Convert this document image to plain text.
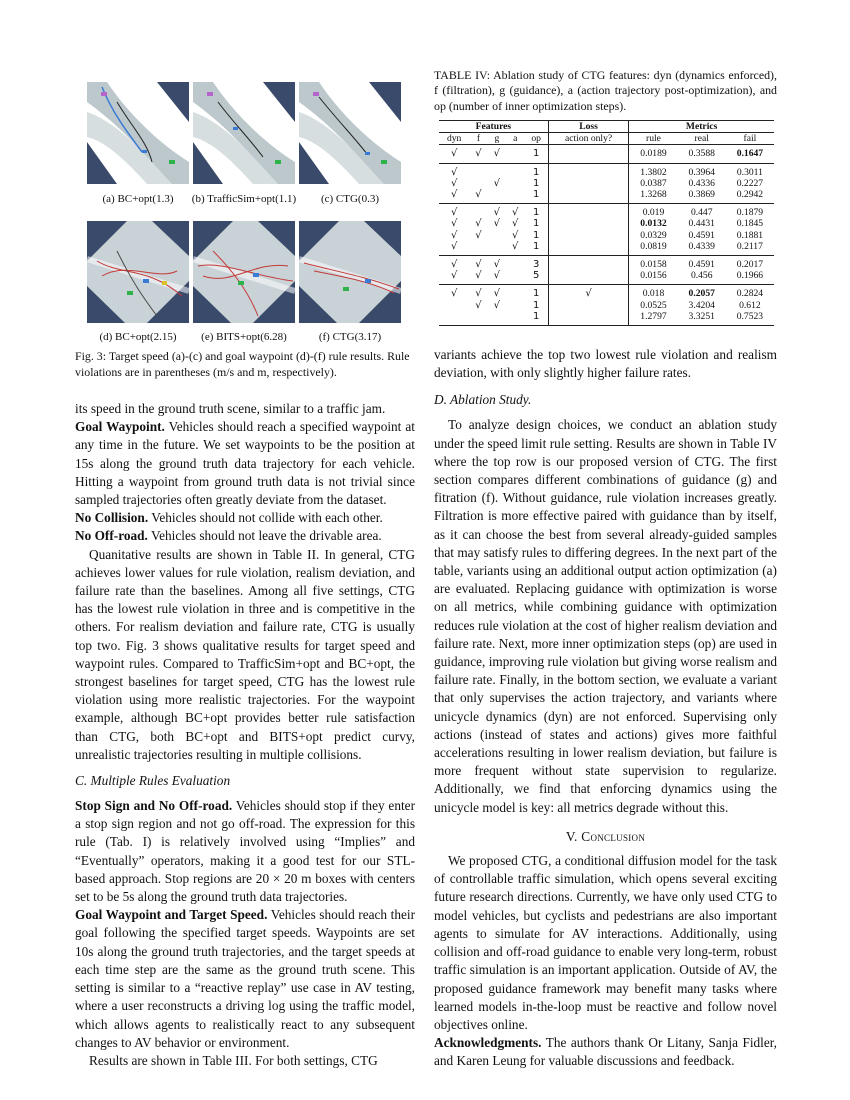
(a) BC+opt(1.3)	(b) TrafficSim+opt(1.1)	(c) CTG(0.3)
(d) BC+opt(2.15)	(e) BITS+opt(6.28)	(f) CTG(3.17)
Fig. 3: Target speed (a)-(c) and goal waypoint (d)-(f) rule results. Rule violations are in parentheses (m/s and m, respectively).

its speed in the ground truth scene, similar to a traffic jam.

Goal Waypoint. Vehicles should reach a specified waypoint at any time in the future. We set waypoints to be the position at 15s along the ground truth data trajectory for each vehicle. Hitting a waypoint from ground truth data is not trivial since sampled trajectories often greatly deviate from the dataset.

No Collision. Vehicles should not collide with each other.

No Off-road. Vehicles should not leave the drivable area.

Quanitative results are shown in Table II. In general, CTG achieves lower values for rule violation, realism deviation, and failure rate than the baselines. Among all five settings, CTG has the lowest rule violation in three and is competitive in the others. For realism deviation and failure rate, CTG is usually top two. Fig. 3 shows qualitative results for target speed and waypoint rules. Compared to TrafficSim+opt and BC+opt, the strongest baselines for target speed, CTG has the lowest rule violation using more realistic trajectories. For the waypoint example, although BC+opt provides better rule satisfaction than CTG, both BC+opt and BITS+opt predict curvy, unrealistic trajectories resulting in multiple collisions.

C. Multiple Rules Evaluation

Stop Sign and No Off-road. Vehicles should stop if they enter a stop sign region and not go off-road. The expression for this rule (Tab. I) is relatively involved using “Implies” and “Eventually” operators, making it a good test for our STL-based approach. Stop regions are 20 × 20 m boxes with centers set to be 5s along the ground truth data trajectories.

Goal Waypoint and Target Speed. Vehicles should reach their goal following the specified target speeds. Waypoints are set 10s along the ground truth trajectories, and the target speeds at each time step are the same as the ground truth scene. This setting is similar to a “reactive replay” use case in AV testing, where a user reconstructs a driving log using the traffic model, which allows agents to realistically react to any subsequent changes to AV behavior or environment.

Results are shown in Table III. For both settings, CTG

TABLE IV: Ablation study of CTG features: dyn (dynamics enforced), f (filtration), g (guidance), a (action trajectory post-optimization), and op (number of inner optimization steps).
Features					Loss	Metrics		
dyn	f	g	a	op	action only?	rule	real	fail
√	√	√		1		0.0189	0.3588	0.1647
√				1		1.3802	0.3964	0.3011
√		√		1		0.0387	0.4336	0.2227
√	√			1		1.3268	0.3869	0.2942
√		√	√	1		0.019	0.447	0.1879
√	√	√	√	1		0.0132	0.4431	0.1845
√	√		√	1		0.0329	0.4591	0.1881
√			√	1		0.0819	0.4339	0.2117
√	√	√		3		0.0158	0.4591	0.2017
√	√	√		5		0.0156	0.456	0.1966
√	√	√		1	√	0.018	0.2057	0.2824
	√	√		1		0.0525	3.4204	0.612
				1		1.2797	3.3251	0.7523

variants achieve the top two lowest rule violation and realism deviation, with only slightly higher failure rates.

D. Ablation Study.

To analyze design choices, we conduct an ablation study under the speed limit rule setting. Results are shown in Table IV where the top row is our proposed version of CTG. The first section compares different combinations of guidance (g) and fitration (f). Without guidance, rule violation increases greatly. Filtration is more effective paired with guidance than by itself, as it can choose the best from several already-guided samples that may satisfy rules to differing degrees. In the next part of the table, variants using an additional output action optimization (a) are evaluated. Replacing guidance with optimization is worse on all metrics, while combining guidance with optimization reduces rule violation at the cost of higher realism deviation and failure rate. Next, more inner optimization steps (op) are used in guidance, improving rule violation but giving worse realism and failure rate. Finally, in the bottom section, we evaluate a variant that only supervises the action trajectory, and variants where unicycle dynamics (dyn) are not enforced. Supervising only actions (instead of states and actions) gives more faithful accelerations resulting in lower realism deviation, but failure is more frequent without state supervision to regularize. Additionally, we find that enforcing dynamics using the unicycle model is key: all metrics degrade without this.

V. Conclusion

We proposed CTG, a conditional diffusion model for the task of controllable traffic simulation, which opens several exciting future research directions. Currently, we have only used CTG to model vehicles, but cyclists and pedestrians are also important agents to simulate for AV interactions. Additionally, using collision and off-road guidance to enable very long-term, robust traffic simulation is an important application. Outside of AV, the proposed guidance framework may benefit many tasks where learned models in-the-loop must be reactive and follow novel objectives online.

Acknowledgments. The authors thank Or Litany, Sanja Fidler, and Karen Leung for valuable discussions and feedback.
